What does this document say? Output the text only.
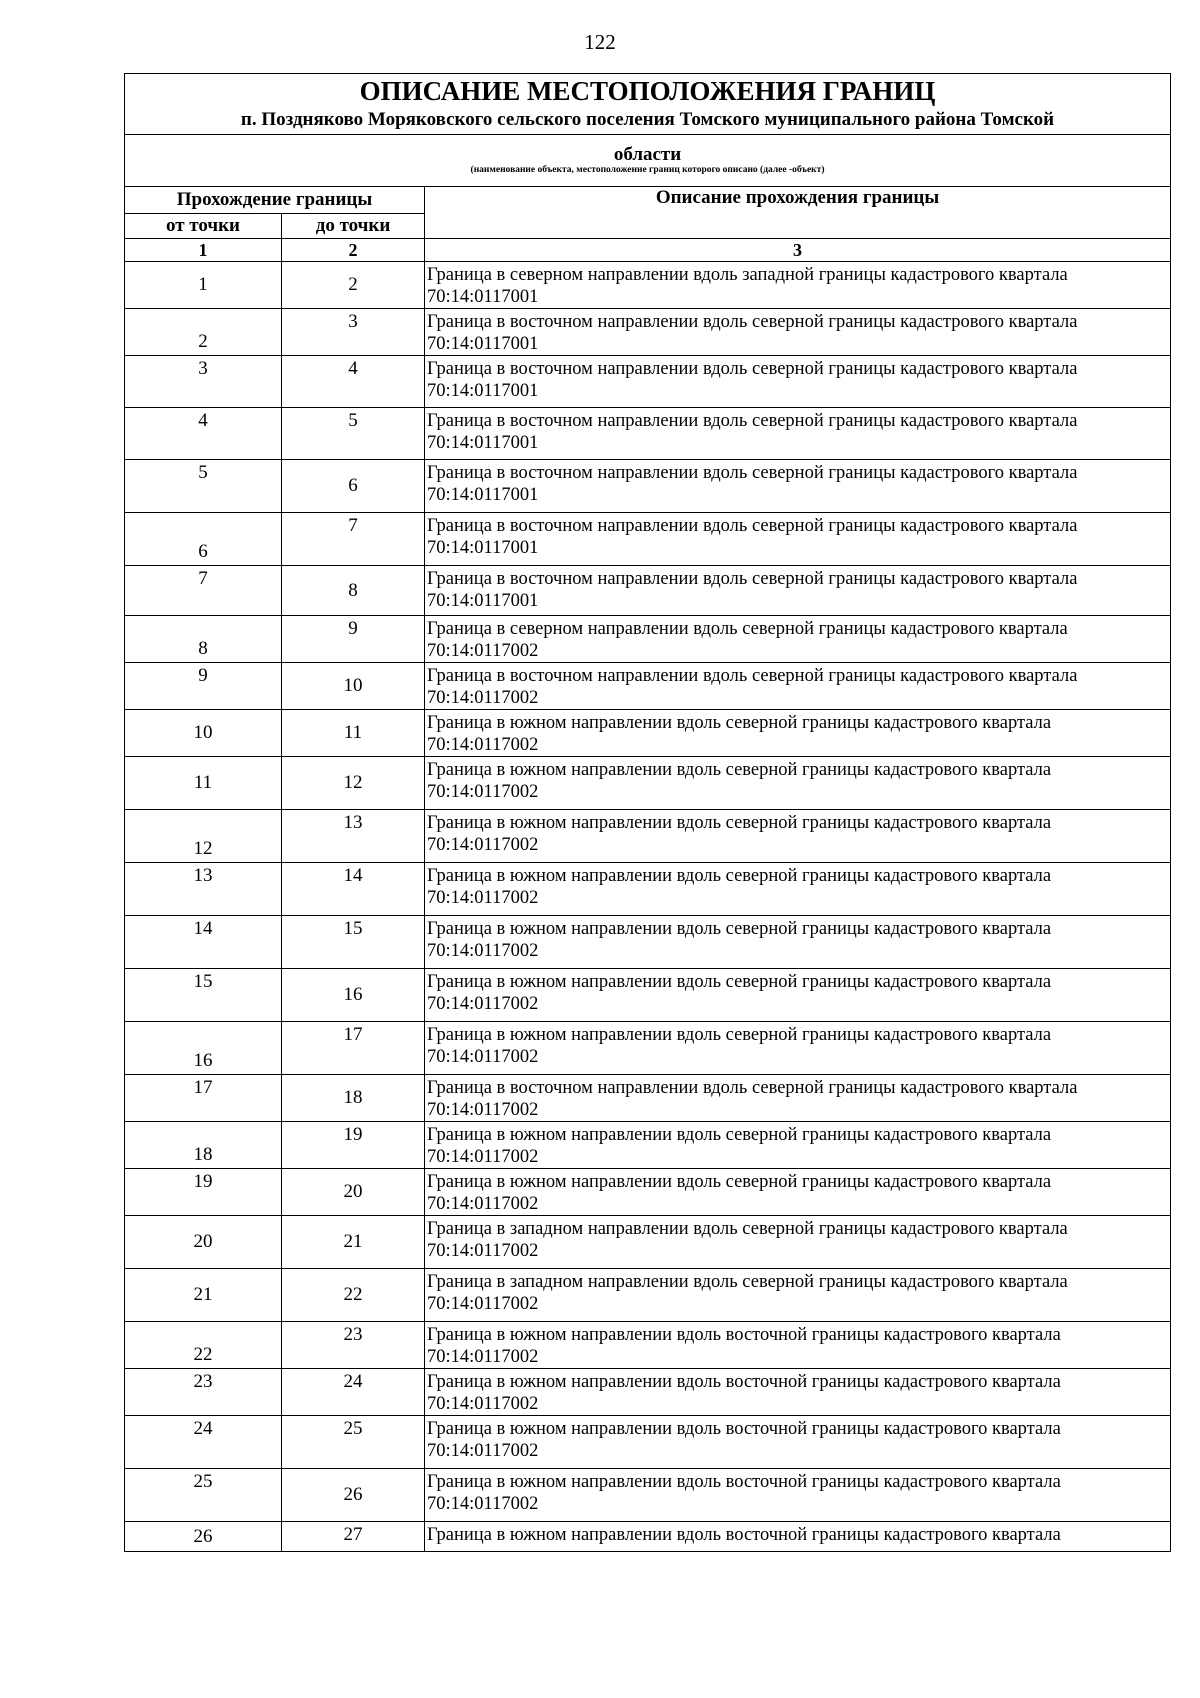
122
ОПИСАНИЕ МЕСТОПОЛОЖЕНИЯ ГРАНИЦ
п. Поздняково Моряковского сельского поселения Томского муниципального района Томской		

области
(наименование объекта, местоположение границ которого описано (далее -объект)		

Прохождение границы		Описание прохождения границы
от точки	до точки	
1	2	3
1	2	Граница в северном направлении вдоль западной границы кадастрового квартала
70:14:0117001

2	3	Граница в восточном направлении вдоль северной границы кадастрового квартала
70:14:0117001

3	4	Граница в восточном направлении вдоль северной границы кадастрового квартала
70:14:0117001

4	5	Граница в восточном направлении вдоль северной границы кадастрового квартала
70:14:0117001

5	6	Граница в восточном направлении вдоль северной границы кадастрового квартала
70:14:0117001

6	7	Граница в восточном направлении вдоль северной границы кадастрового квартала
70:14:0117001

7	8	Граница в восточном направлении вдоль северной границы кадастрового квартала
70:14:0117001

8	9	Граница в северном направлении вдоль северной границы кадастрового квартала
70:14:0117002

9	10	Граница в восточном направлении вдоль северной границы кадастрового квартала
70:14:0117002

10	11	Граница в южном направлении вдоль северной границы кадастрового квартала
70:14:0117002

11	12	Граница в южном направлении вдоль северной границы кадастрового квартала
70:14:0117002

12	13	Граница в южном направлении вдоль северной границы кадастрового квартала
70:14:0117002

13	14	Граница в южном направлении вдоль северной границы кадастрового квартала
70:14:0117002

14	15	Граница в южном направлении вдоль северной границы кадастрового квартала
70:14:0117002

15	16	Граница в южном направлении вдоль северной границы кадастрового квартала
70:14:0117002

16	17	Граница в южном направлении вдоль северной границы кадастрового квартала
70:14:0117002

17	18	Граница в восточном направлении вдоль северной границы кадастрового квартала
70:14:0117002

18	19	Граница в южном направлении вдоль северной границы кадастрового квартала
70:14:0117002

19	20	Граница в южном направлении вдоль северной границы кадастрового квартала
70:14:0117002

20	21	Граница в западном направлении вдоль северной границы кадастрового квартала
70:14:0117002

21	22	Граница в западном направлении вдоль северной границы кадастрового квартала
70:14:0117002

22	23	Граница в южном направлении вдоль восточной границы кадастрового квартала
70:14:0117002

23	24	Граница в южном направлении вдоль восточной границы кадастрового квартала
70:14:0117002

24	25	Граница в южном направлении вдоль восточной границы кадастрового квартала
70:14:0117002

25	26	Граница в южном направлении вдоль восточной границы кадастрового квартала
70:14:0117002

26	27	Граница в южном направлении вдоль восточной границы кадастрового квартала
